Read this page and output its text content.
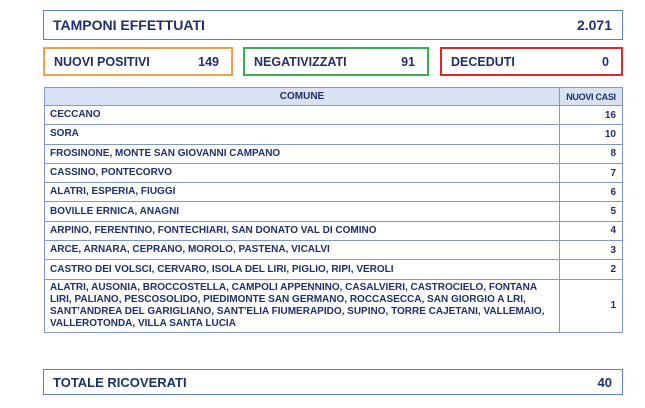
TAMPONI EFFETTUATI	2.071
NUOVI POSITIVI	149	NEGATIVIZZATI	91	DECEDUTI	0
COMUNE	NUOVI CASI
CECCANO	16
SORA	10
FROSINONE, MONTE SAN GIOVANNI CAMPANO	8
CASSINO, PONTECORVO	7
ALATRI, ESPERIA, FIUGGI	6
BOVILLE ERNICA, ANAGNI	5
ARPINO, FERENTINO, FONTECHIARI, SAN DONATO VAL DI COMINO	4
ARCE, ARNARA, CEPRANO, MOROLO, PASTENA, VICALVI	3
CASTRO DEI VOLSCI, CERVARO, ISOLA DEL LIRI, PIGLIO, RIPI, VEROLI	2
ALATRI, AUSONIA, BROCCOSTELLA, CAMPOLI APPENNINO, CASALVIERI, CASTROCIELO, FONTANA LIRI, PALIANO, PESCOSOLIDO, PIEDIMONTE SAN GERMANO, ROCCASECCA, SAN GIORGIO A LRI, SANT'ANDREA DEL GARIGLIANO, SANT'ELIA FIUMERAPIDO, SUPINO, TORRE CAJETANI, VALLEMAIO, VALLEROTONDA, VILLA SANTA LUCIA	1
TOTALE RICOVERATI	40
